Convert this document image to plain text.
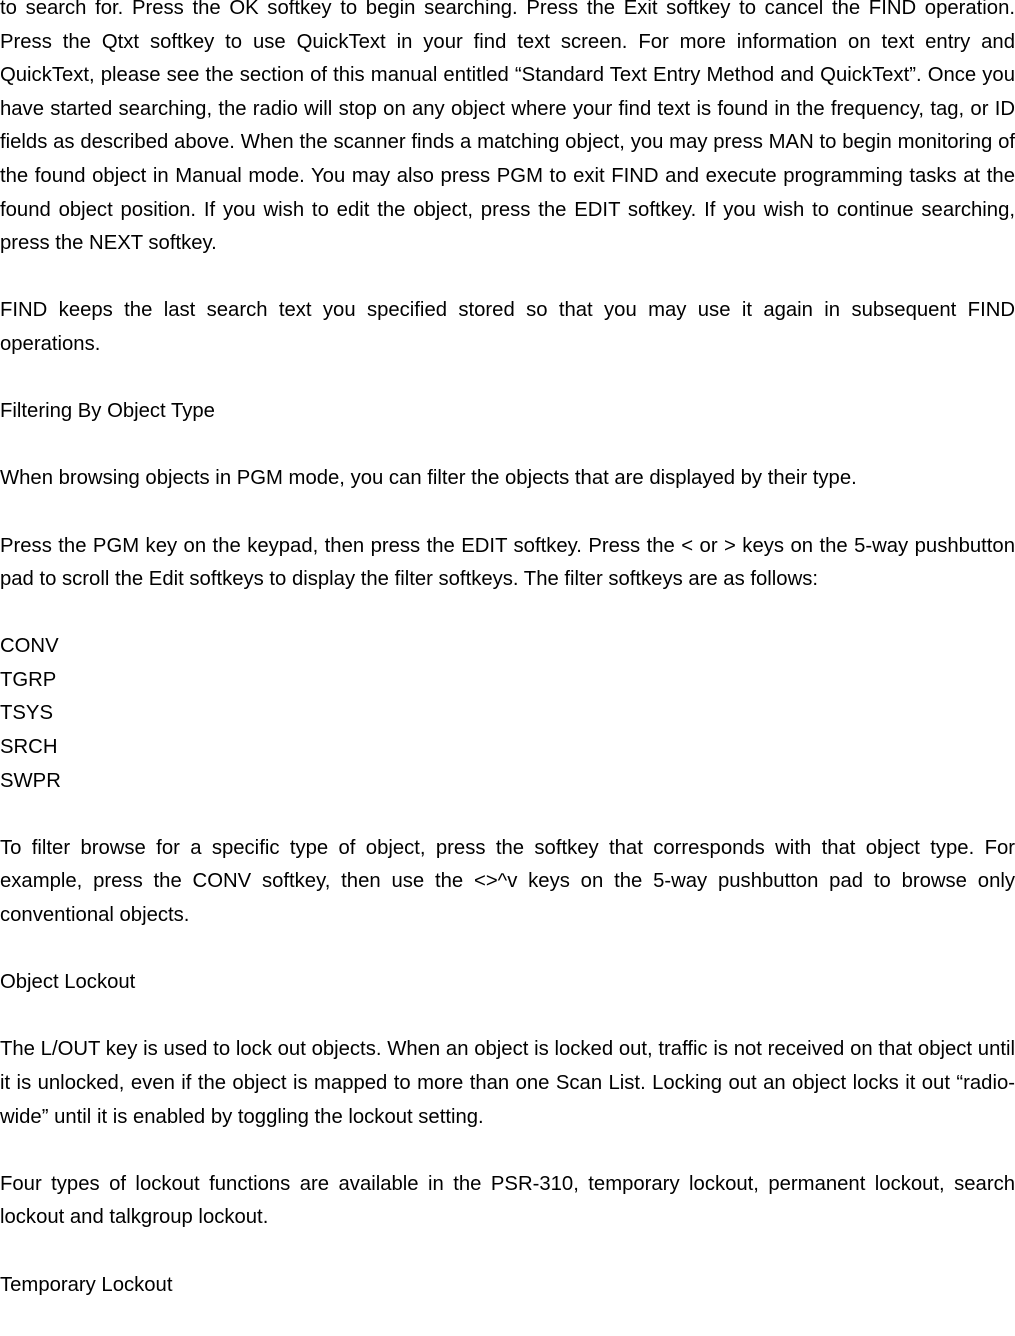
to search for. Press the OK softkey to begin searching. Press the Exit softkey to cancel the FIND operation. Press the Qtxt softkey to use QuickText in your find text screen. For more information on text entry and QuickText, please see the section of this manual entitled “Standard Text Entry Method and QuickText”. Once you have started searching, the radio will stop on any object where your find text is found in the frequency, tag, or ID fields as described above. When the scanner finds a matching object, you may press MAN to begin monitoring of the found object in Manual mode. You may also press PGM to exit FIND and execute programming tasks at the found object position. If you wish to edit the object, press the EDIT softkey. If you wish to continue searching, press the NEXT softkey.

FIND keeps the last search text you specified stored so that you may use it again in subsequent FIND operations.

Filtering By Object Type

When browsing objects in PGM mode, you can filter the objects that are displayed by their type.

Press the PGM key on the keypad, then press the EDIT softkey. Press the < or > keys on the 5-way pushbutton pad to scroll the Edit softkeys to display the filter softkeys. The filter softkeys are as follows:

CONV
TGRP
TSYS
SRCH
SWPR

To filter browse for a specific type of object, press the softkey that corresponds with that object type. For example, press the CONV softkey, then use the <>^v keys on the 5-way pushbutton pad to browse only conventional objects.

Object Lockout

The L/OUT key is used to lock out objects. When an object is locked out, traffic is not received on that object until it is unlocked, even if the object is mapped to more than one Scan List. Locking out an object locks it out “radio-wide” until it is enabled by toggling the lockout setting.

Four types of lockout functions are available in the PSR-310, temporary lockout, permanent lockout, search lockout and talkgroup lockout.

Temporary Lockout
